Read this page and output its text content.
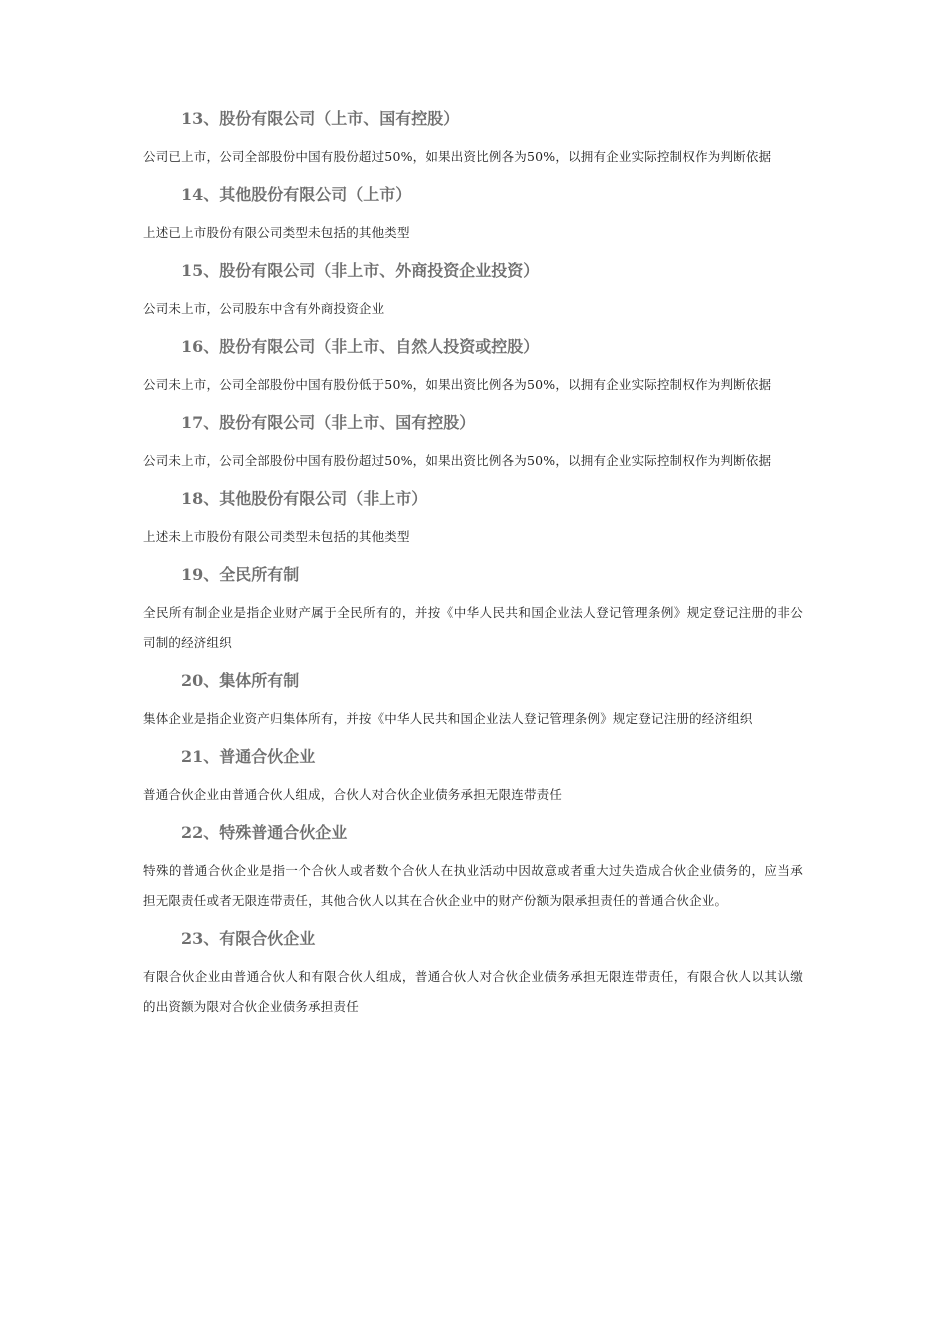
13、股份有限公司（上市、国有控股）

公司已上市，公司全部股份中国有股份超过50%，如果出资比例各为50%，以拥有企业实际控制权作为判断依据

14、其他股份有限公司（上市）

上述已上市股份有限公司类型未包括的其他类型

15、股份有限公司（非上市、外商投资企业投资）

公司未上市，公司股东中含有外商投资企业

16、股份有限公司（非上市、自然人投资或控股）

公司未上市，公司全部股份中国有股份低于50%，如果出资比例各为50%，以拥有企业实际控制权作为判断依据

17、股份有限公司（非上市、国有控股）

公司未上市，公司全部股份中国有股份超过50%，如果出资比例各为50%，以拥有企业实际控制权作为判断依据

18、其他股份有限公司（非上市）

上述未上市股份有限公司类型未包括的其他类型

19、全民所有制

全民所有制企业是指企业财产属于全民所有的，并按《中华人民共和国企业法人登记管理条例》规定登记注册的非公司制的经济组织

20、集体所有制

集体企业是指企业资产归集体所有，并按《中华人民共和国企业法人登记管理条例》规定登记注册的经济组织

21、普通合伙企业

普通合伙企业由普通合伙人组成，合伙人对合伙企业债务承担无限连带责任

22、特殊普通合伙企业

特殊的普通合伙企业是指一个合伙人或者数个合伙人在执业活动中因故意或者重大过失造成合伙企业债务的，应当承担无限责任或者无限连带责任，其他合伙人以其在合伙企业中的财产份额为限承担责任的普通合伙企业。

23、有限合伙企业

有限合伙企业由普通合伙人和有限合伙人组成，普通合伙人对合伙企业债务承担无限连带责任，有限合伙人以其认缴的出资额为限对合伙企业债务承担责任
